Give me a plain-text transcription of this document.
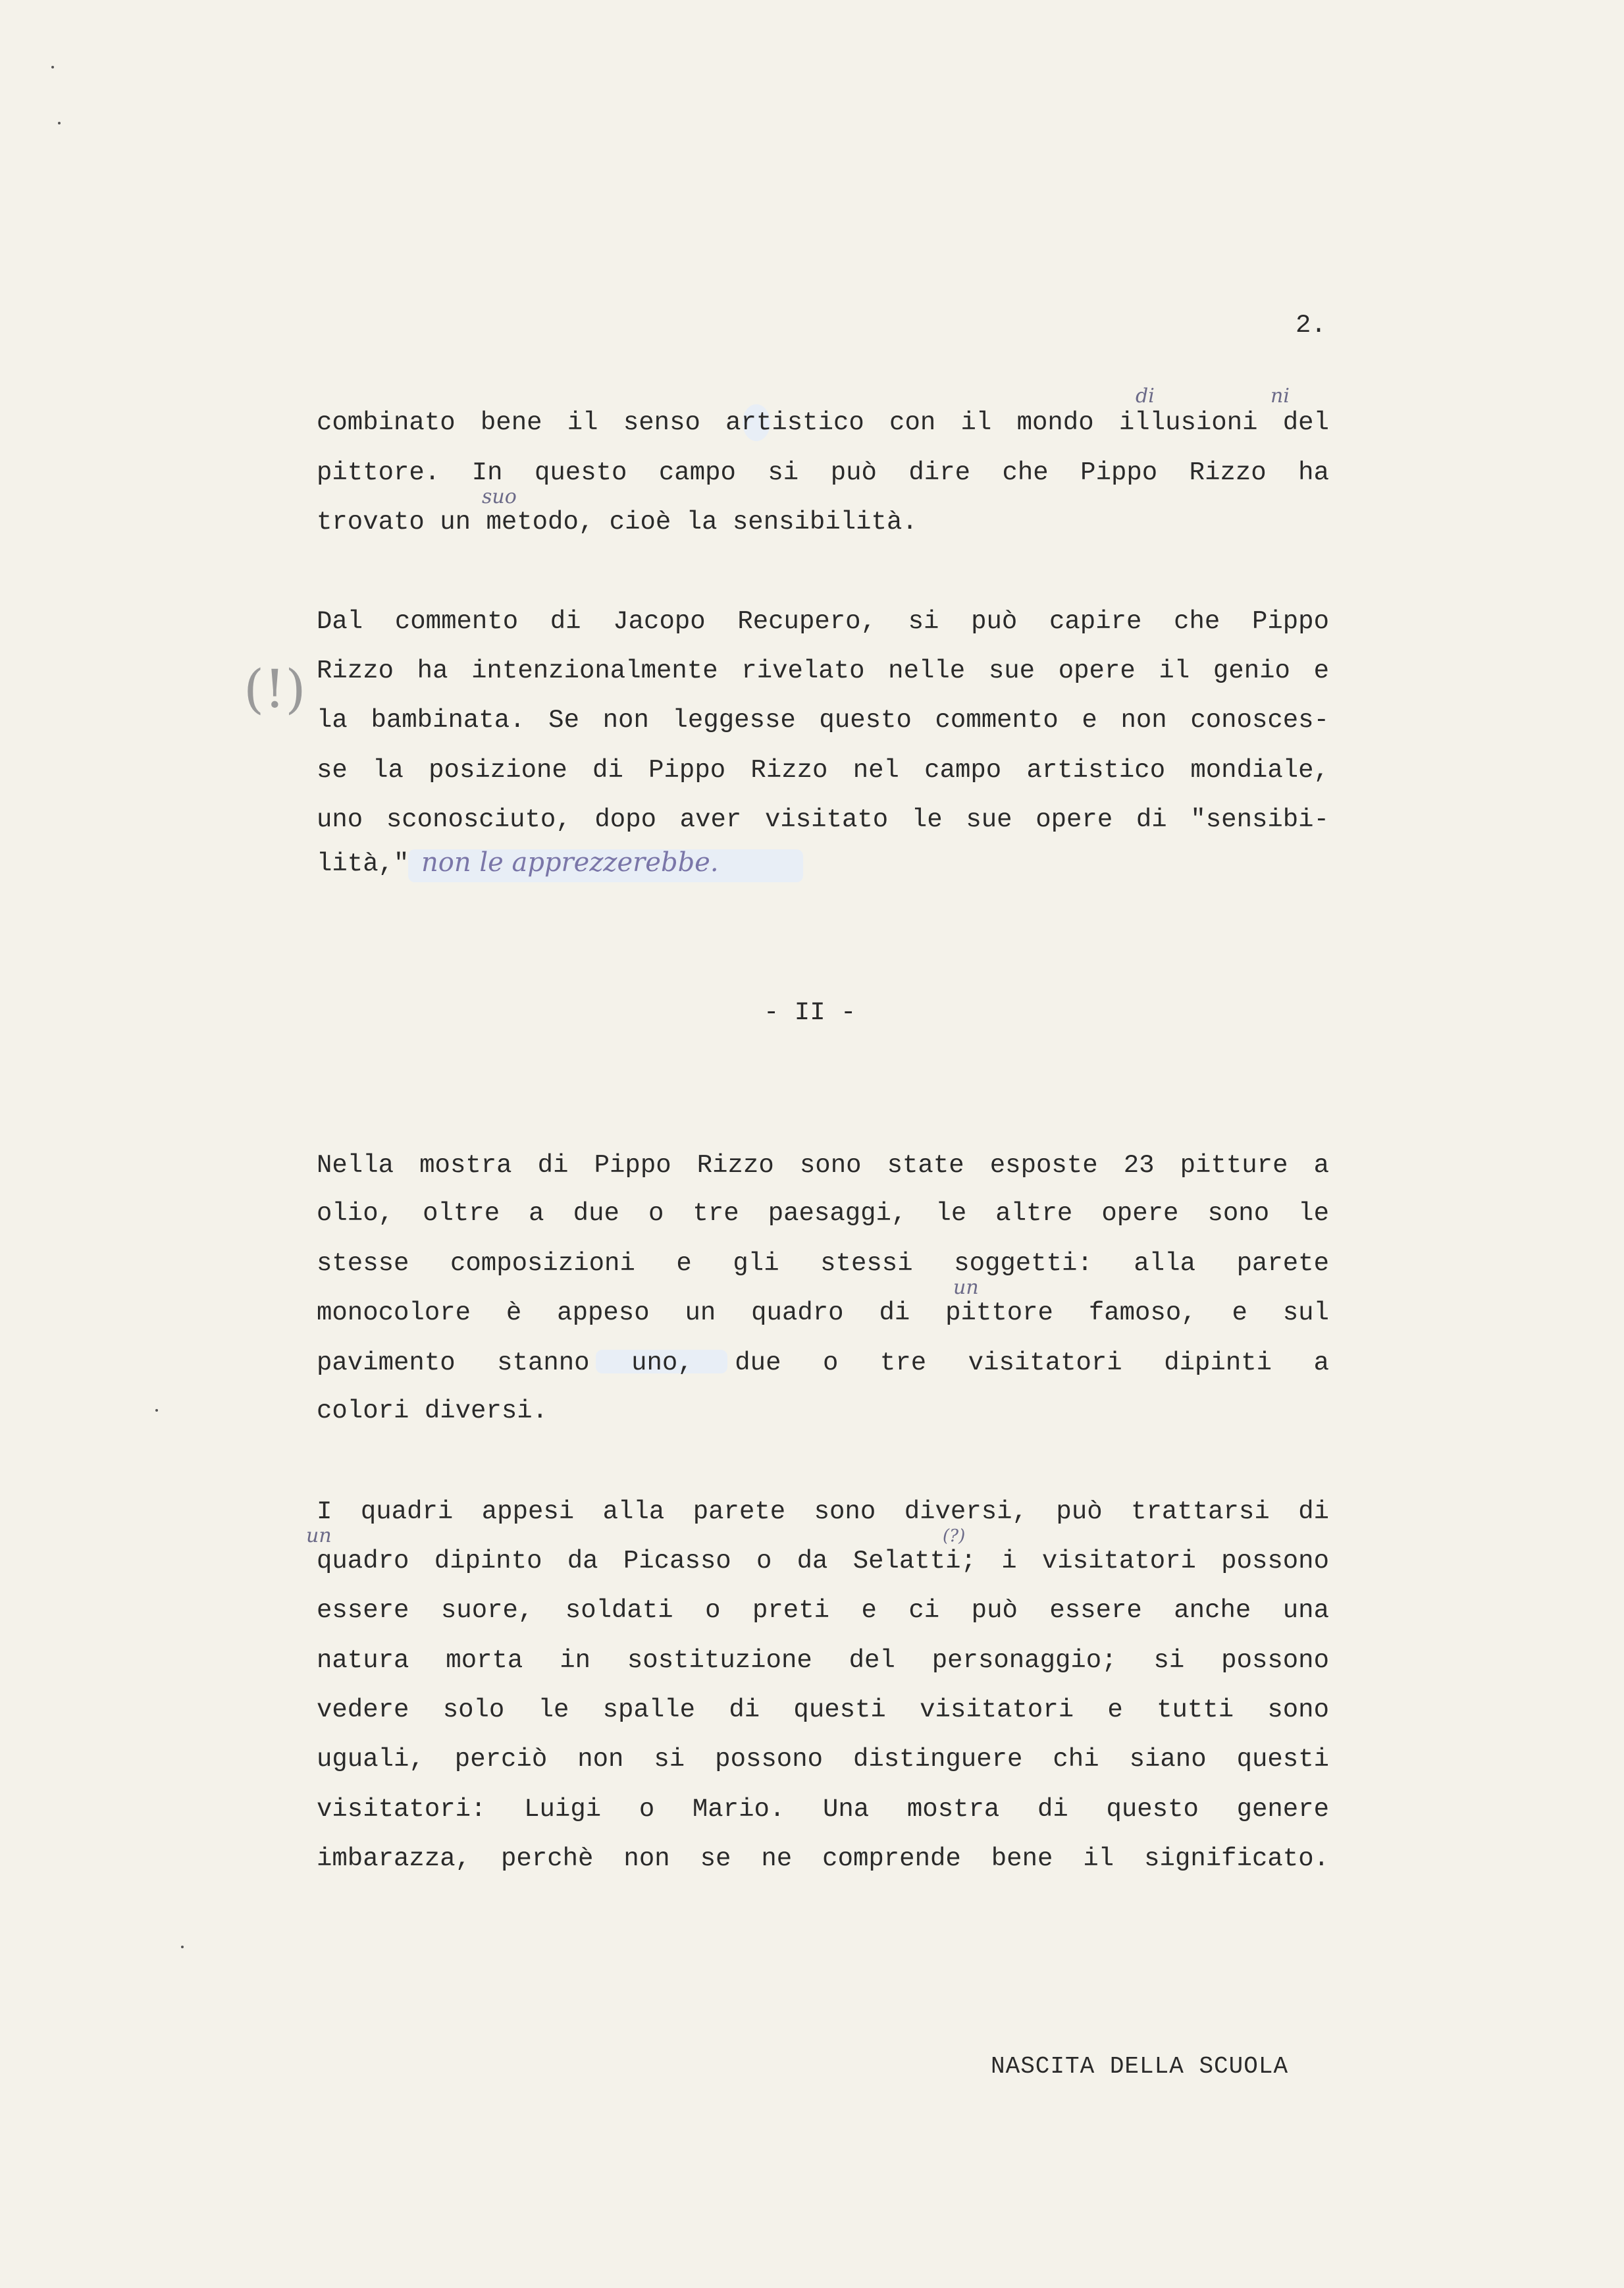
2.
combinato bene il senso artistico con il mondo illusioni del
pittore. In questo campo si può dire che Pippo Rizzo ha
trovato un metodo, cioè la sensibilità.
Dal commento di Jacopo Recupero, si può capire che Pippo
Rizzo ha intenzionalmente rivelato nelle sue opere il genio e
la bambinata. Se non leggesse questo commento e non conosces-
se la posizione di Pippo Rizzo nel campo artistico mondiale,
uno sconosciuto, dopo aver visitato le sue opere di "sensibi-
lità,"
- II -
Nella mostra di Pippo Rizzo sono state esposte 23 pitture a
olio, oltre a due o tre paesaggi, le altre opere sono le
stesse composizioni e gli stessi soggetti: alla parete
monocolore è appeso un quadro di pittore famoso, e sul
pavimento stanno uno, due o tre visitatori dipinti a
colori diversi.
I quadri appesi alla parete sono diversi, può trattarsi di
quadro dipinto da Picasso o da Selatti; i visitatori possono
essere suore, soldati o preti e ci può essere anche una
natura morta in sostituzione del personaggio; si possono
vedere solo le spalle di questi visitatori e tutti sono
uguali, perciò non si possono distinguere chi siano questi
visitatori: Luigi o Mario. Una mostra di questo genere
imbarazza, perchè non se ne comprende bene il significato.
di	ni
suo
non le apprezzerebbe.
un
un	(?)
(!)
NASCITA DELLA SCUOLA
